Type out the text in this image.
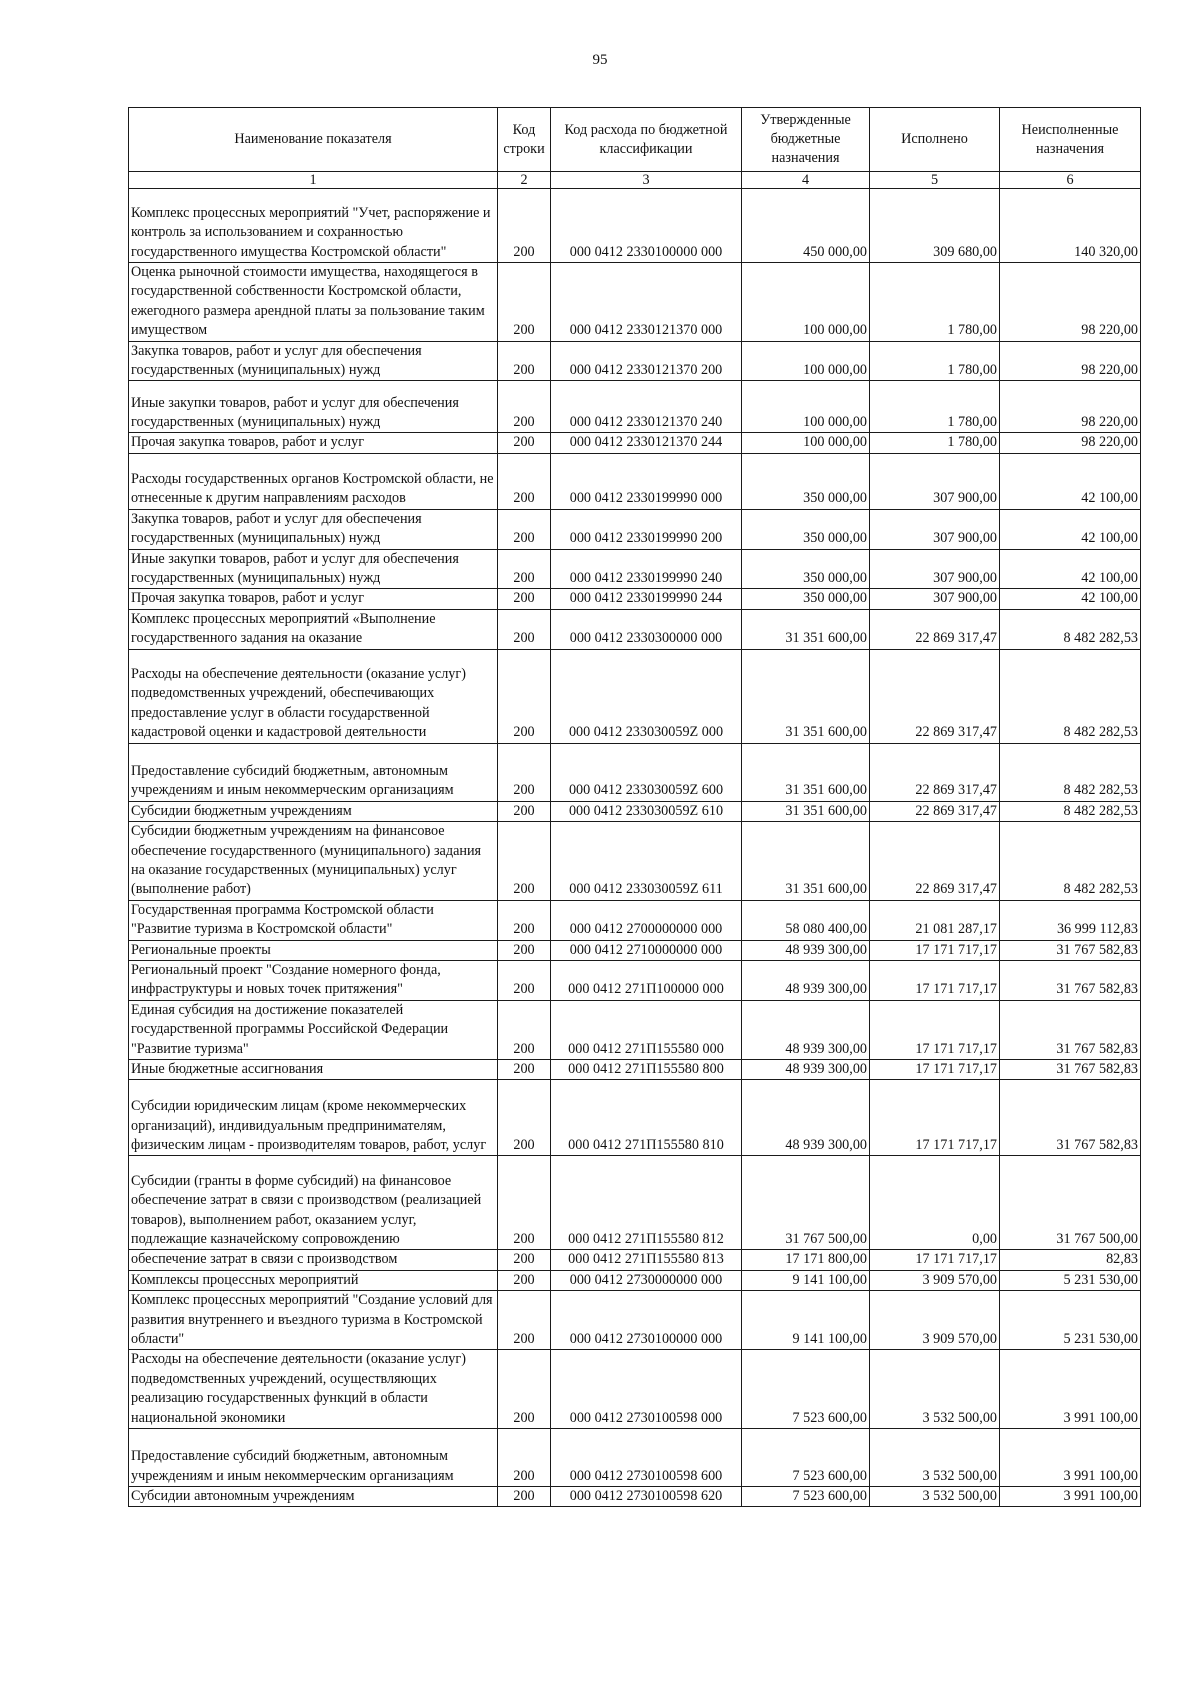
95
Наименование показателя	Код строки	Код расхода по бюджетной классификации	Утвержденные бюджетные назначения	Исполнено	Неисполненные назначения
1	2	3	4	5	6
Комплекс процессных мероприятий "Учет, распоряжение и контроль за использованием и сохранностью государственного имущества Костромской области"	200	000 0412 2330100000 000	450 000,00	309 680,00	140 320,00
Оценка рыночной стоимости имущества, находящегося в государственной собственности Костромской области, ежегодного размера арендной платы за пользование таким имуществом	200	000 0412 2330121370 000	100 000,00	1 780,00	98 220,00
Закупка товаров, работ и услуг для обеспечения государственных (муниципальных) нужд	200	000 0412 2330121370 200	100 000,00	1 780,00	98 220,00
Иные закупки товаров, работ и услуг для обеспечения государственных (муниципальных) нужд	200	000 0412 2330121370 240	100 000,00	1 780,00	98 220,00
Прочая закупка товаров, работ и услуг	200	000 0412 2330121370 244	100 000,00	1 780,00	98 220,00
Расходы государственных органов Костромской области, не отнесенные к другим направлениям расходов	200	000 0412 2330199990 000	350 000,00	307 900,00	42 100,00
Закупка товаров, работ и услуг для обеспечения государственных (муниципальных) нужд	200	000 0412 2330199990 200	350 000,00	307 900,00	42 100,00
Иные закупки товаров, работ и услуг для обеспечения государственных (муниципальных) нужд	200	000 0412 2330199990 240	350 000,00	307 900,00	42 100,00
Прочая закупка товаров, работ и услуг	200	000 0412 2330199990 244	350 000,00	307 900,00	42 100,00
Комплекс процессных мероприятий «Выполнение государственного задания на оказание	200	000 0412 2330300000 000	31 351 600,00	22 869 317,47	8 482 282,53
Расходы на обеспечение деятельности (оказание услуг) подведомственных учреждений, обеспечивающих предоставление услуг в области государственной кадастровой оценки и кадастровой деятельности	200	000 0412 233030059Z 000	31 351 600,00	22 869 317,47	8 482 282,53
Предоставление субсидий бюджетным, автономным учреждениям и иным некоммерческим организациям	200	000 0412 233030059Z 600	31 351 600,00	22 869 317,47	8 482 282,53
Субсидии бюджетным учреждениям	200	000 0412 233030059Z 610	31 351 600,00	22 869 317,47	8 482 282,53
Субсидии бюджетным учреждениям на финансовое обеспечение государственного (муниципального) задания на оказание государственных (муниципальных) услуг (выполнение работ)	200	000 0412 233030059Z 611	31 351 600,00	22 869 317,47	8 482 282,53
Государственная программа Костромской области "Развитие туризма в Костромской области"	200	000 0412 2700000000 000	58 080 400,00	21 081 287,17	36 999 112,83
Региональные проекты	200	000 0412 2710000000 000	48 939 300,00	17 171 717,17	31 767 582,83
Региональный проект "Создание номерного фонда, инфраструктуры и новых точек притяжения"	200	000 0412 271П100000 000	48 939 300,00	17 171 717,17	31 767 582,83
Единая субсидия на достижение показателей государственной программы Российской Федерации "Развитие туризма"	200	000 0412 271П155580 000	48 939 300,00	17 171 717,17	31 767 582,83
Иные бюджетные ассигнования	200	000 0412 271П155580 800	48 939 300,00	17 171 717,17	31 767 582,83
Субсидии юридическим лицам (кроме некоммерческих организаций), индивидуальным предпринимателям, физическим лицам - производителям товаров, работ, услуг	200	000 0412 271П155580 810	48 939 300,00	17 171 717,17	31 767 582,83
Субсидии (гранты в форме субсидий) на финансовое обеспечение затрат в связи с производством (реализацией товаров), выполнением работ, оказанием услуг, подлежащие казначейскому сопровождению	200	000 0412 271П155580 812	31 767 500,00	0,00	31 767 500,00
обеспечение затрат в связи с производством	200	000 0412 271П155580 813	17 171 800,00	17 171 717,17	82,83
Комплексы процессных мероприятий	200	000 0412 2730000000 000	9 141 100,00	3 909 570,00	5 231 530,00
Комплекс процессных мероприятий "Создание условий для развития внутреннего и въездного туризма в Костромской области"	200	000 0412 2730100000 000	9 141 100,00	3 909 570,00	5 231 530,00
Расходы на обеспечение деятельности (оказание услуг) подведомственных учреждений, осуществляющих реализацию государственных функций в области национальной экономики	200	000 0412 2730100598 000	7 523 600,00	3 532 500,00	3 991 100,00
Предоставление субсидий бюджетным, автономным учреждениям и иным некоммерческим организациям	200	000 0412 2730100598 600	7 523 600,00	3 532 500,00	3 991 100,00
Субсидии автономным учреждениям	200	000 0412 2730100598 620	7 523 600,00	3 532 500,00	3 991 100,00
